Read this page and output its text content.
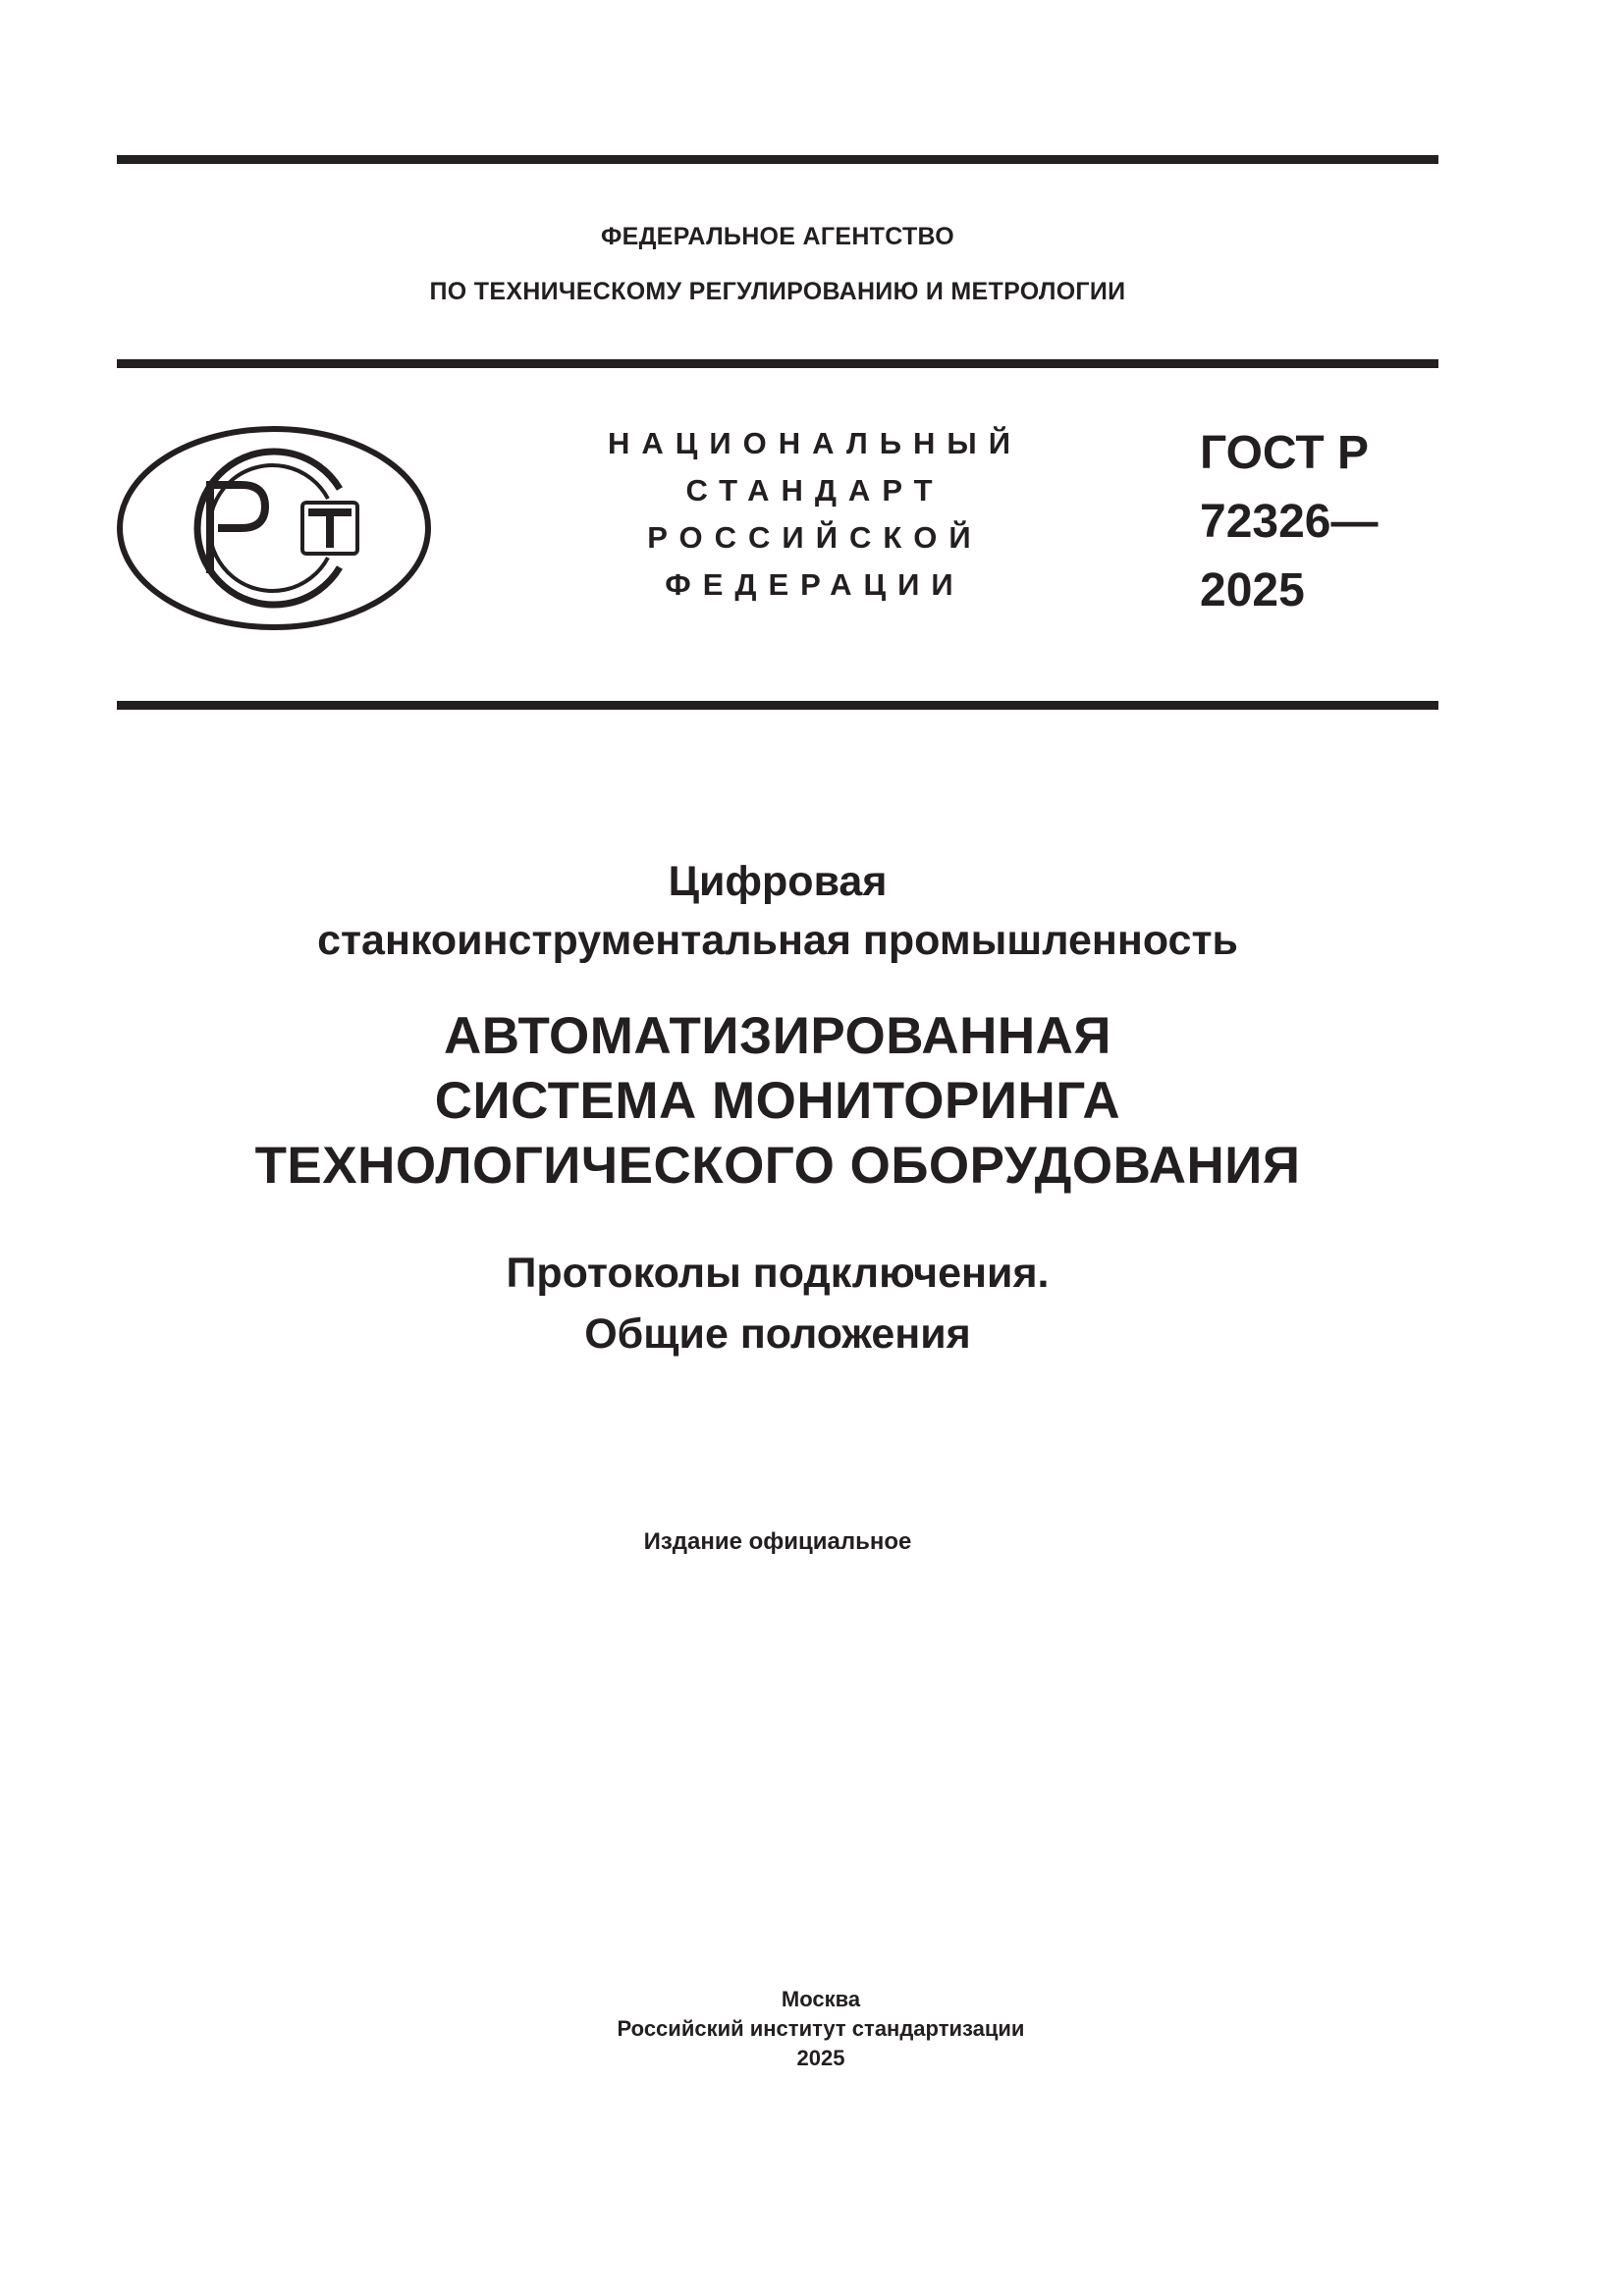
ФЕДЕРАЛЬНОЕ АГЕНТСТВО
ПО ТЕХНИЧЕСКОМУ РЕГУЛИРОВАНИЮ И МЕТРОЛОГИИ
НАЦИОНАЛЬНЫЙ
СТАНДАРТ
РОССИЙСКОЙ
ФЕДЕРАЦИИ
ГОСТ Р
72326—
2025
Цифровая
станкоинструментальная промышленность
АВТОМАТИЗИРОВАННАЯ
СИСТЕМА МОНИТОРИНГА
ТЕХНОЛОГИЧЕСКОГО ОБОРУДОВАНИЯ
Протоколы подключения.
Общие положения
Издание официальное
Москва
Российский институт стандартизации
2025
